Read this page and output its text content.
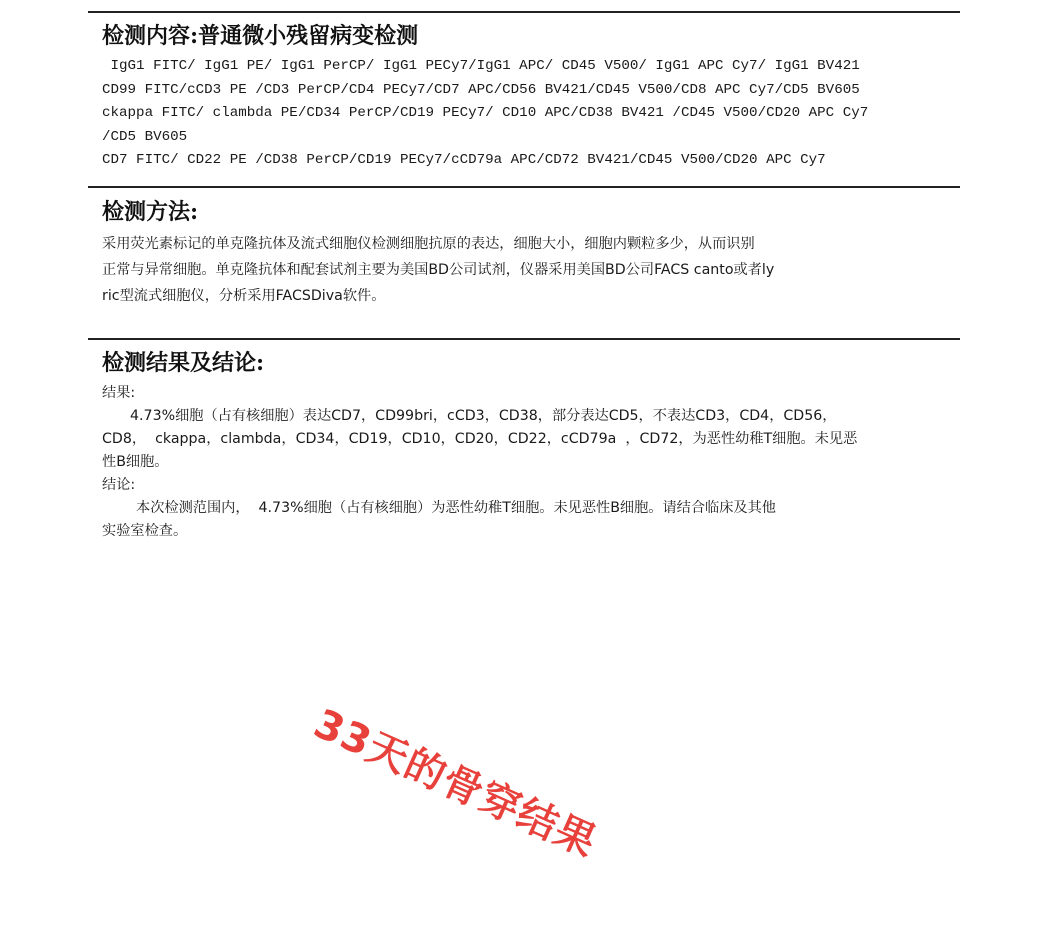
检测内容:普通微小残留病变检测
IgG1 FITC/ IgG1 PE/ IgG1 PerCP/ IgG1 PECy7/IgG1 APC/ CD45 V500/ IgG1 APC Cy7/ IgG1 BV421
CD99 FITC/cCD3 PE /CD3 PerCP/CD4 PECy7/CD7 APC/CD56 BV421/CD45 V500/CD8 APC Cy7/CD5 BV605
ckappa FITC/ clambda PE/CD34 PerCP/CD19 PECy7/ CD10 APC/CD38 BV421 /CD45 V500/CD20 APC Cy7
/CD5 BV605
CD7 FITC/ CD22 PE /CD38 PerCP/CD19 PECy7/cCD79a APC/CD72 BV421/CD45 V500/CD20 APC Cy7
检测方法:
采用荧光素标记的单克隆抗体及流式细胞仪检测细胞抗原的表达，细胞大小，细胞内颗粒多少，从而识别
正常与异常细胞。单克隆抗体和配套试剂主要为美国BD公司试剂，仪器采用美国BD公司FACS canto或者ly
ric型流式细胞仪，分析采用FACSDiva软件。
检测结果及结论:
结果:
4.73%细胞（占有核细胞）表达CD7，CD99bri，cCD3，CD38，部分表达CD5，不表达CD3，CD4，CD56，
CD8，  ckappa，clambda，CD34，CD19，CD10，CD20，CD22，cCD79a  ，CD72，为恶性幼稚T细胞。未见恶
性B细胞。
结论:
本次检测范围内，  4.73%细胞（占有核细胞）为恶性幼稚T细胞。未见恶性B细胞。请结合临床及其他
实验室检查。
33天的骨穿结果
